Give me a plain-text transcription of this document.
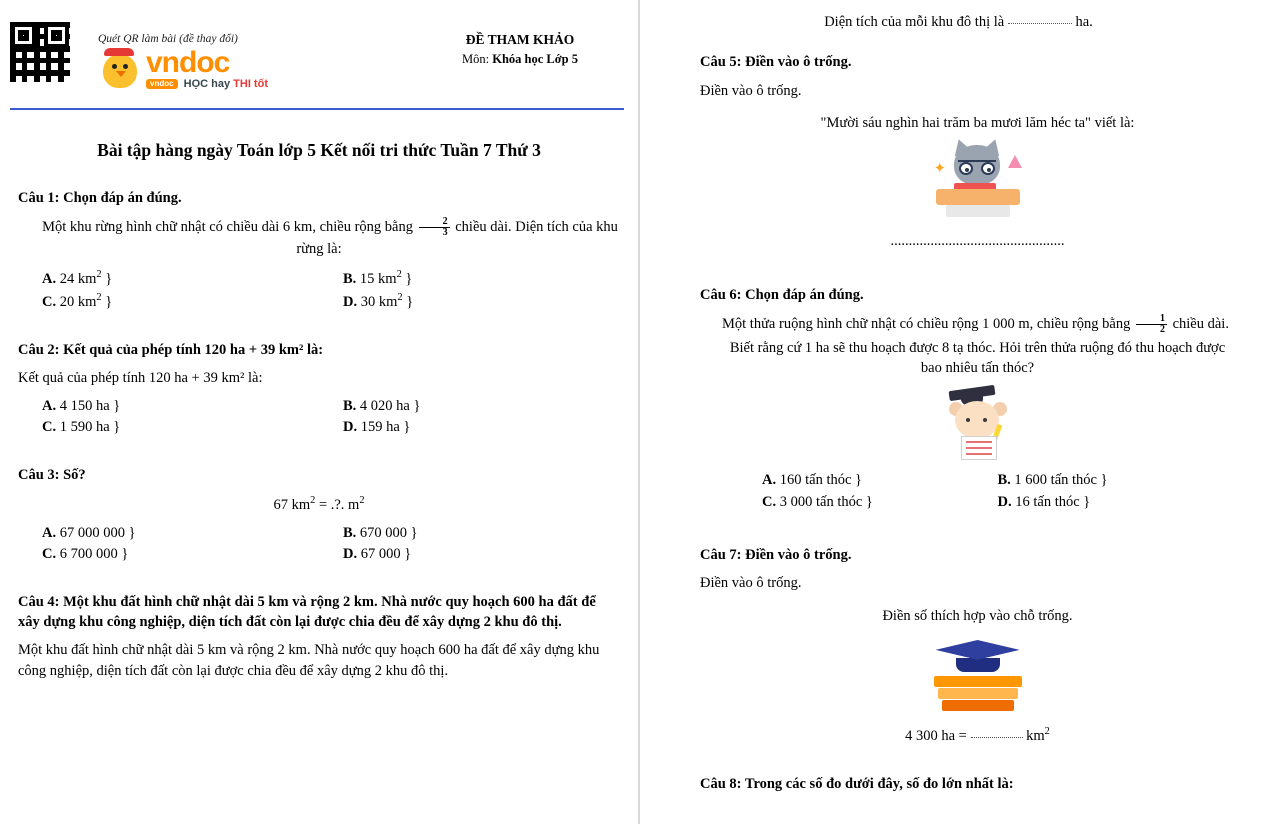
Quét QR làm bài (đề thay đổi)
vndoc
vndoc HỌC hay THI tốt
ĐỀ THAM KHẢO
Môn: Khóa học Lớp 5
Bài tập hàng ngày Toán lớp 5 Kết nối tri thức Tuần 7 Thứ 3
Câu 1: Chọn đáp án đúng.
Một khu rừng hình chữ nhật có chiều dài 6 km, chiều rộng bằng $\frac{2}{3}$ chiều dài. Diện tích của khu rừng là:
A. 24 $km^2$ }	B. 15 $km^2$ }
C. 20 $km^2$ }	D. 30 $km^2$ }
Câu 2: Kết quả của phép tính 120 ha + 39 km² là:
Kết quả của phép tính 120 ha + 39 km² là:
A. 4 150 ha }	B. 4 020 ha }
C. 1 590 ha }	D. 159 ha }
Câu 3: Số?
67 $km^2$ = .?. $m^2$
A. 67 000 000 }	B. 670 000 }
C. 6 700 000 }	D. 67 000 }
Câu 4: Một khu đất hình chữ nhật dài 5 km và rộng 2 km. Nhà nước quy hoạch 600 ha đất để xây dựng khu công nghiệp, diện tích đất còn lại được chia đều để xây dựng 2 khu đô thị.
Một khu đất hình chữ nhật dài 5 km và rộng 2 km. Nhà nước quy hoạch 600 ha đất để xây dựng khu công nghiệp, diện tích đất còn lại được chia đều để xây dựng 2 khu đô thị.
Diện tích của mỗi khu đô thị là	ha.
Câu 5: Điền vào ô trống.
Điền vào ô trống.
"Mười sáu nghìn hai trăm ba mươi lăm héc ta" viết là:
✦
................................................
Câu 6: Chọn đáp án đúng.
Một thửa ruộng hình chữ nhật có chiều rộng 1 000 m, chiều rộng bằng $\frac{1}{2}$ chiều dài.
Biết rằng cứ 1 ha sẽ thu hoạch được 8 tạ thóc. Hỏi trên thửa ruộng đó thu hoạch được
bao nhiêu tấn thóc?
A. 160 tấn thóc }	B. 1 600 tấn thóc }
C. 3 000 tấn thóc }	D. 16 tấn thóc }
Câu 7: Điền vào ô trống.
Điền vào ô trống.
Điền số thích hợp vào chỗ trống.
4 300 ha =	$km^2$
Câu 8: Trong các số đo dưới đây, số đo lớn nhất là:
